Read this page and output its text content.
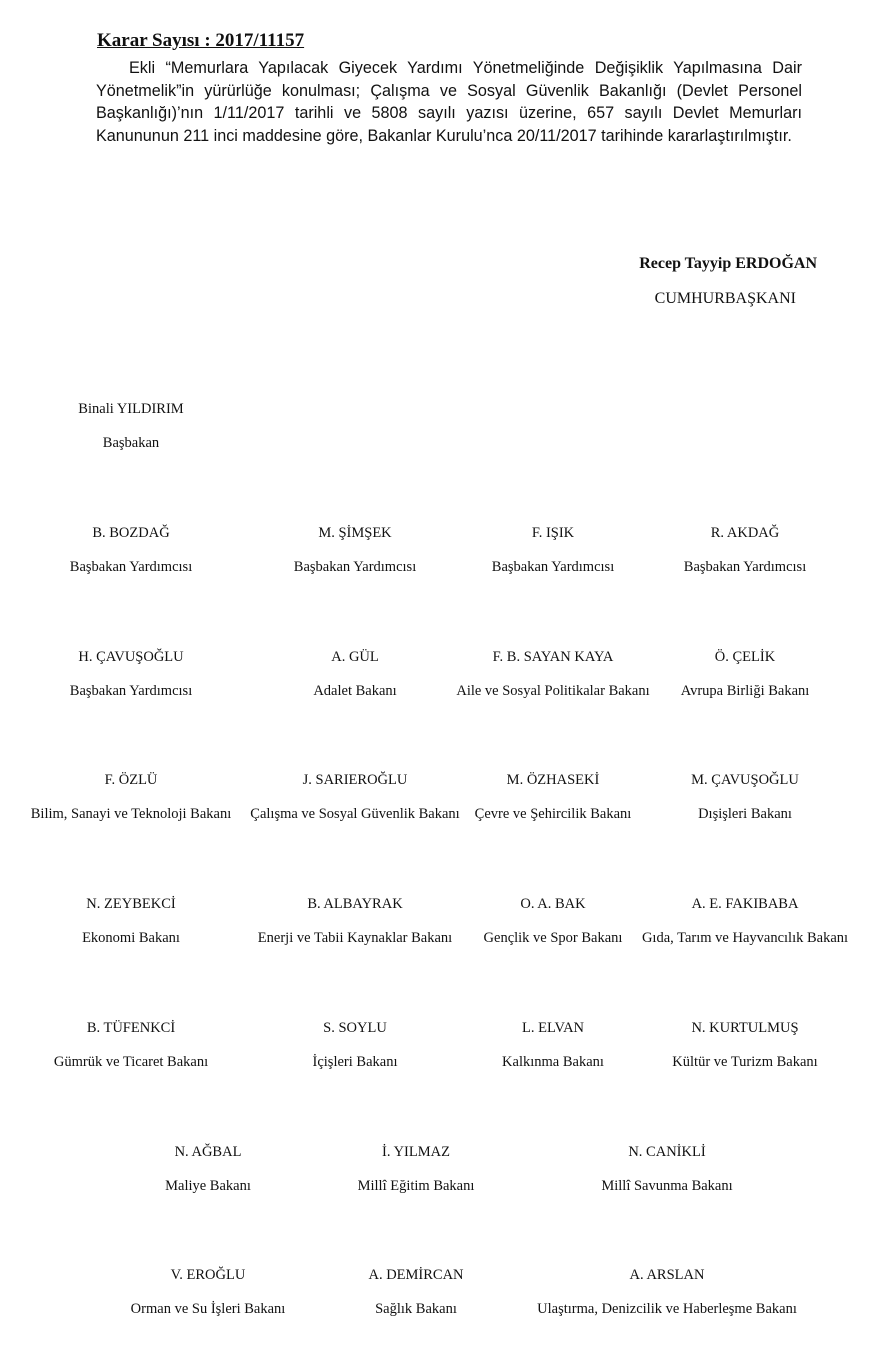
Karar Sayısı : 2017/11157
Ekli “Memurlara Yapılacak Giyecek Yardımı Yönetmeliğinde Değişiklik Yapılmasına Dair Yönetmelik”in yürürlüğe konulması; Çalışma ve Sosyal Güvenlik Bakanlığı (Devlet Personel Başkanlığı)’nın 1/11/2017 tarihli ve 5808 sayılı yazısı üzerine, 657 sayılı Devlet Memurları Kanununun 211 inci maddesine göre, Bakanlar Kurulu’nca 20/11/2017 tarihinde kararlaştırılmıştır.
Recep Tayyip ERDOĞAN
CUMHURBAŞKANI
Binali YILDIRIM
Başbakan
B. BOZDAĞ
Başbakan Yardımcısı
M. ŞİMŞEK
Başbakan Yardımcısı
F. IŞIK
Başbakan Yardımcısı
R. AKDAĞ
Başbakan Yardımcısı
H. ÇAVUŞOĞLU
Başbakan Yardımcısı
A. GÜL
Adalet Bakanı
F. B. SAYAN KAYA
Aile ve Sosyal Politikalar Bakanı
Ö. ÇELİK
Avrupa Birliği Bakanı
F. ÖZLÜ
Bilim, Sanayi ve Teknoloji Bakanı
J. SARIEROĞLU
Çalışma ve Sosyal Güvenlik Bakanı
M. ÖZHASEKİ
Çevre ve Şehircilik Bakanı
M. ÇAVUŞOĞLU
Dışişleri Bakanı
N. ZEYBEKCİ
Ekonomi Bakanı
B. ALBAYRAK
Enerji ve Tabii Kaynaklar Bakanı
O. A. BAK
Gençlik ve Spor Bakanı
A. E. FAKIBABA
Gıda, Tarım ve Hayvancılık Bakanı
B. TÜFENKCİ
Gümrük ve Ticaret Bakanı
S. SOYLU
İçişleri Bakanı
L. ELVAN
Kalkınma Bakanı
N. KURTULMUŞ
Kültür ve Turizm Bakanı
N. AĞBAL
Maliye Bakanı
İ. YILMAZ
Millî Eğitim Bakanı
N. CANİKLİ
Millî Savunma Bakanı
V. EROĞLU
Orman ve Su İşleri Bakanı
A. DEMİRCAN
Sağlık Bakanı
A. ARSLAN
Ulaştırma, Denizcilik ve Haberleşme Bakanı
